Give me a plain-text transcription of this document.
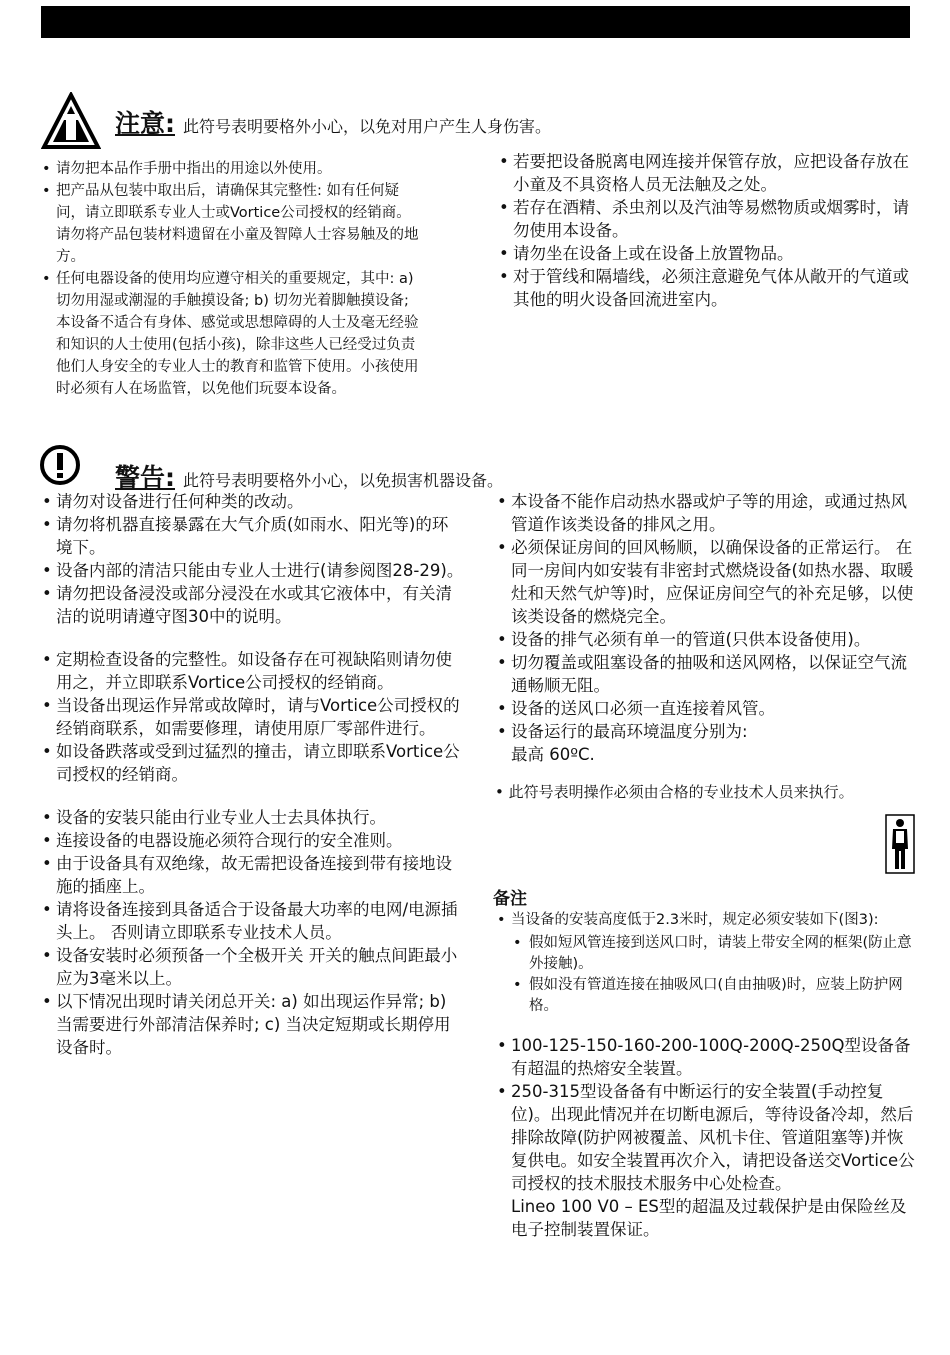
注意: 此符号表明要格外小心，以免对用户产生人身伤害。
• 请勿把本品作手册中指出的用途以外使用。
• 把产品从包装中取出后，请确保其完整性: 如有任何疑问，请立即联系专业人士或Vortice公司授权的经销商。请勿将产品包装材料遗留在小童及智障人士容易触及的地方。
• 任何电器设备的使用均应遵守相关的重要规定，其中: a) 切勿用湿或潮湿的手触摸设备; b) 切勿光着脚触摸设备;
本设备不适合有身体、感觉或思想障碍的人士及毫无经验和知识的人士使用(包括小孩)，除非这些人已经受过负责他们人身安全的专业人士的教育和监管下使用。小孩使用时必须有人在场监管，以免他们玩耍本设备。
• 若要把设备脱离电网连接并保管存放，应把设备存放在小童及不具资格人员无法触及之处。
• 若存在酒精、杀虫剂以及汽油等易燃物质或烟雾时，请勿使用本设备。
• 请勿坐在设备上或在设备上放置物品。
• 对于管线和隔墙线，必须注意避免气体从敞开的气道或其他的明火设备回流进室内。
警告: 此符号表明要格外小心，以免损害机器设备。
• 请勿对设备进行任何种类的改动。
• 请勿将机器直接暴露在大气介质(如雨水、阳光等)的环境下。
• 设备内部的清洁只能由专业人士进行(请参阅图28-29)。
• 请勿把设备浸没或部分浸没在水或其它液体中，有关清洁的说明请遵守图30中的说明。
• 定期检查设备的完整性。如设备存在可视缺陷则请勿使用之，并立即联系Vortice公司授权的经销商。
• 当设备出现运作异常或故障时，请与Vortice公司授权的经销商联系，如需要修理，请使用原厂零部件进行。
• 如设备跌落或受到过猛烈的撞击，请立即联系Vortice公司授权的经销商。
• 设备的安装只能由行业专业人士去具体执行。
• 连接设备的电器设施必须符合现行的安全准则。
• 由于设备具有双绝缘，故无需把设备连接到带有接地设施的插座上。
• 请将设备连接到具备适合于设备最大功率的电网/电源插头上。 否则请立即联系专业技术人员。
• 设备安装时必须预备一个全极开关 开关的触点间距最小应为3毫米以上。
• 以下情况出现时请关闭总开关: a) 如出现运作异常; b) 当需要进行外部清洁保养时; c) 当决定短期或长期停用设备时。
• 本设备不能作启动热水器或炉子等的用途，或通过热风管道作该类设备的排风之用。
• 必须保证房间的回风畅顺，以确保设备的正常运行。 在同一房间内如安装有非密封式燃烧设备(如热水器、取暖灶和天然气炉等)时，应保证房间空气的补充足够，以使该类设备的燃烧完全。
• 设备的排气必须有单一的管道(只供本设备使用)。
• 切勿覆盖或阻塞设备的抽吸和送风网格，以保证空气流通畅顺无阻。
• 设备的送风口必须一直连接着风管。
• 设备运行的最高环境温度分别为:
最高 60ºC.
• 此符号表明操作必须由合格的专业技术人员来执行。
备注
• 当设备的安装高度低于2.3米时，规定必须安装如下(图3):
• 假如短风管连接到送风口时，请装上带安全网的框架(防止意外接触)。
• 假如没有管道连接在抽吸风口(自由抽吸)时，应装上防护网格。
• 100-125-150-160-200-100Q-200Q-250Q型设备备有超温的热熔安全装置。
• 250-315型设备备有中断运行的安全装置(手动控复位)。出现此情况并在切断电源后，等待设备冷却，然后排除故障(防护网被覆盖、风机卡住、管道阻塞等)并恢复供电。如安全装置再次介入，请把设备送交Vortice公司授权的技术服技术服务中心处检查。
Lineo 100 V0 – ES型的超温及过载保护是由保险丝及电子控制装置保证。
